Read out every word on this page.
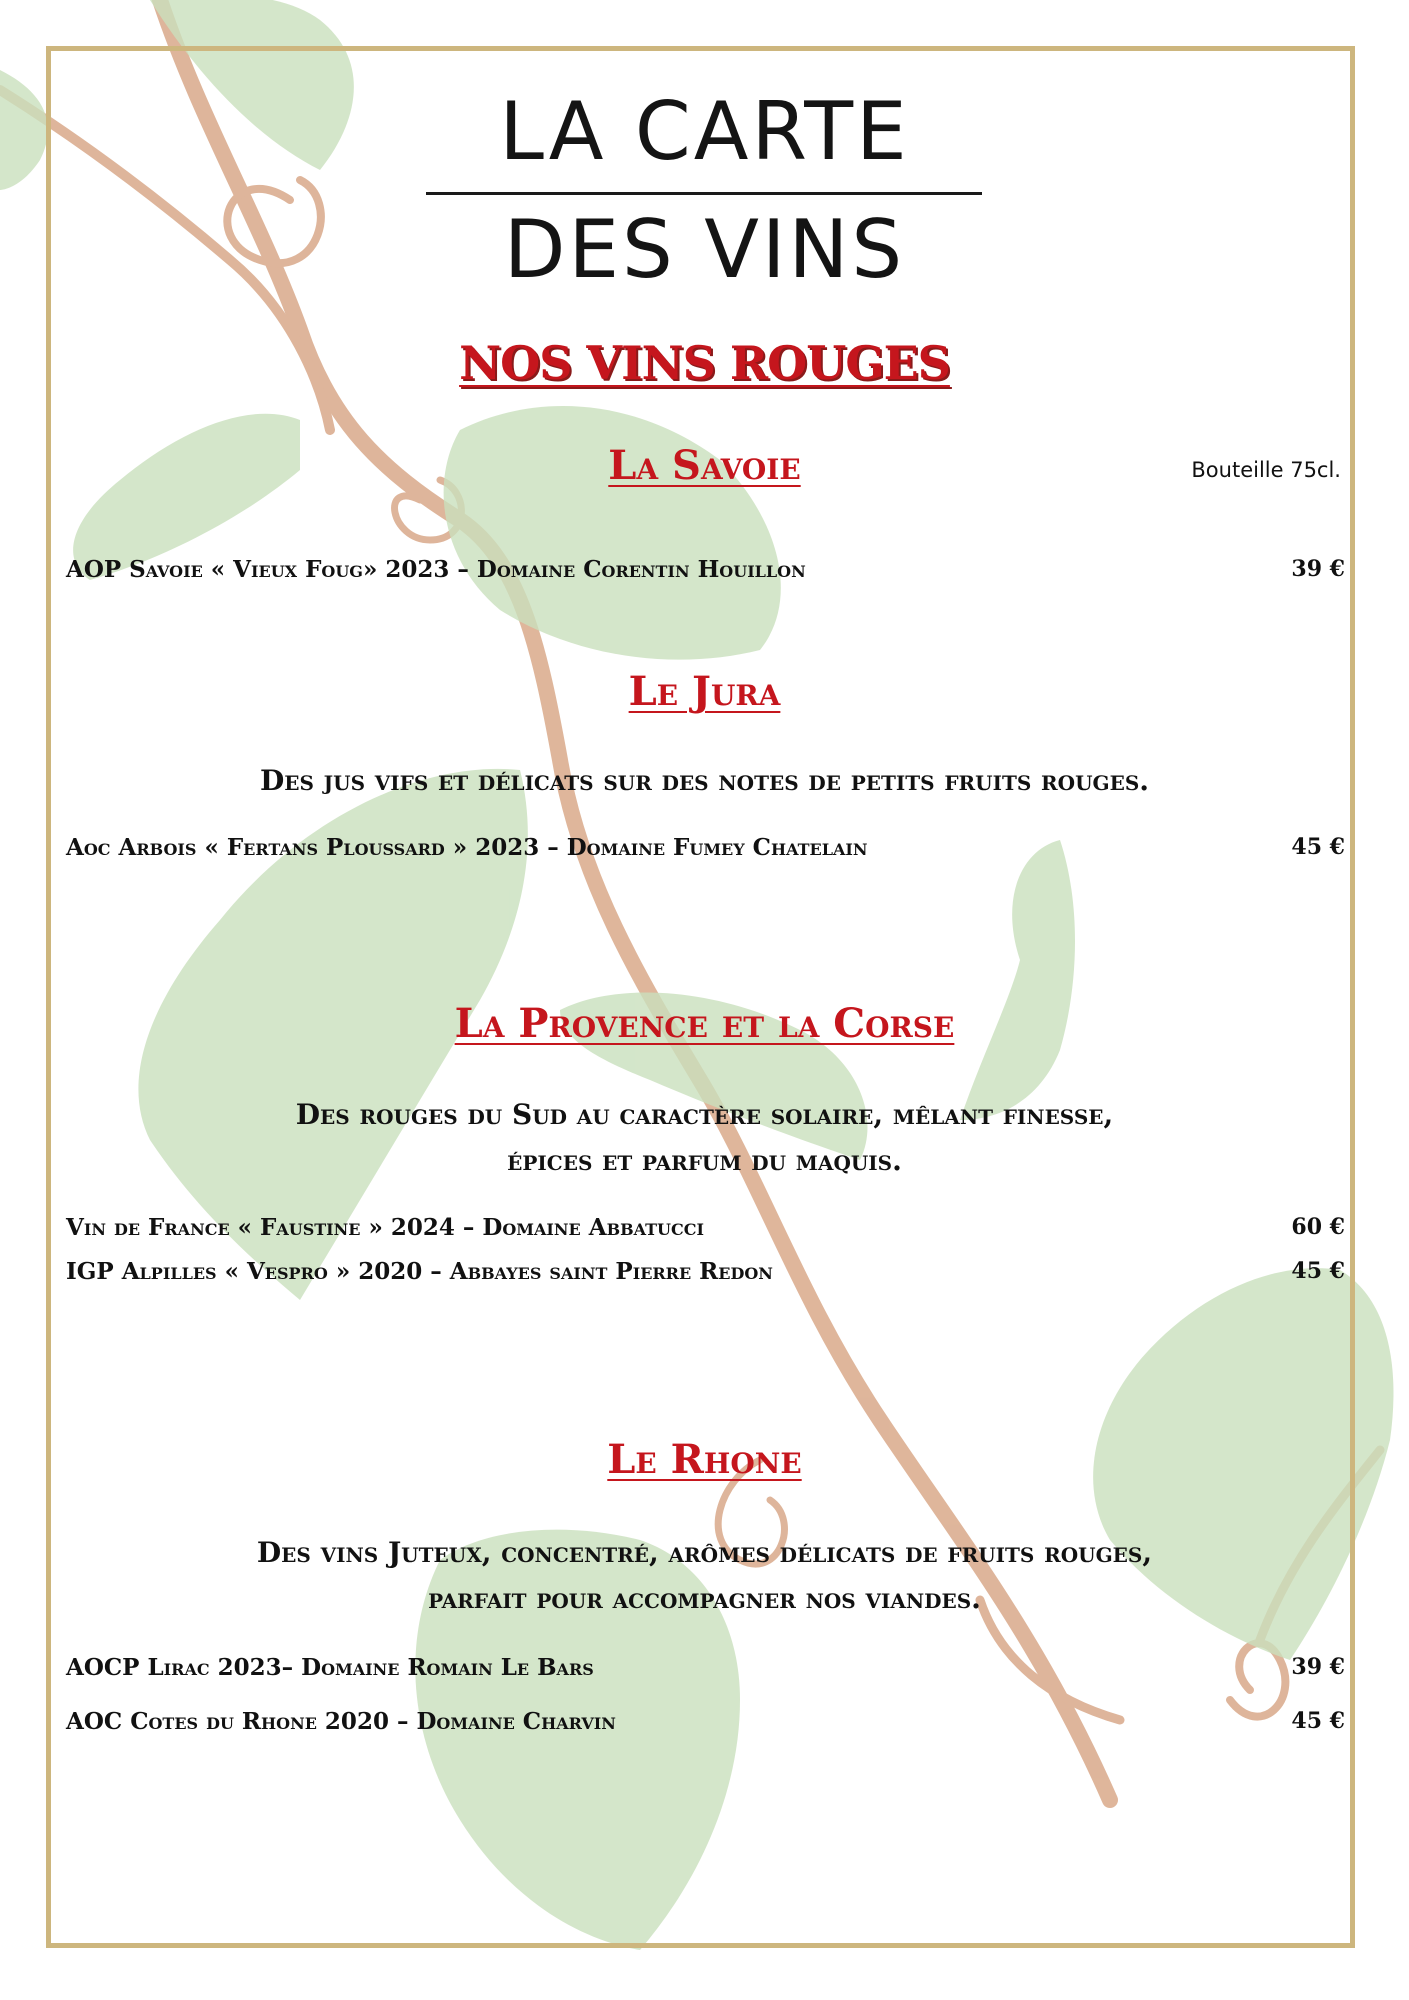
LA CARTE
DES VINS
NOS VINS ROUGES
La Savoie	Bouteille 75cl.
AOP Savoie « Vieux Foug» 2023 – Domaine Corentin Houillon	39 €
Le Jura
Des jus vifs et délicats sur des notes de petits fruits rouges.
Aoc Arbois « Fertans Ploussard » 2023 – Domaine Fumey Chatelain	45 €
La Provence et la Corse
Des rouges du Sud au caractère solaire, mêlant finesse,
épices et parfum du maquis.
Vin de France « Faustine » 2024 – Domaine Abbatucci	60 €
IGP Alpilles « Vespro » 2020 – Abbayes saint Pierre Redon	45 €
Le Rhone
Des vins Juteux, concentré, arômes délicats de fruits rouges,
parfait pour accompagner nos viandes.
AOCP Lirac 2023– Domaine Romain Le Bars	39 €
AOC Cotes du Rhone 2020 – Domaine Charvin	45 €
